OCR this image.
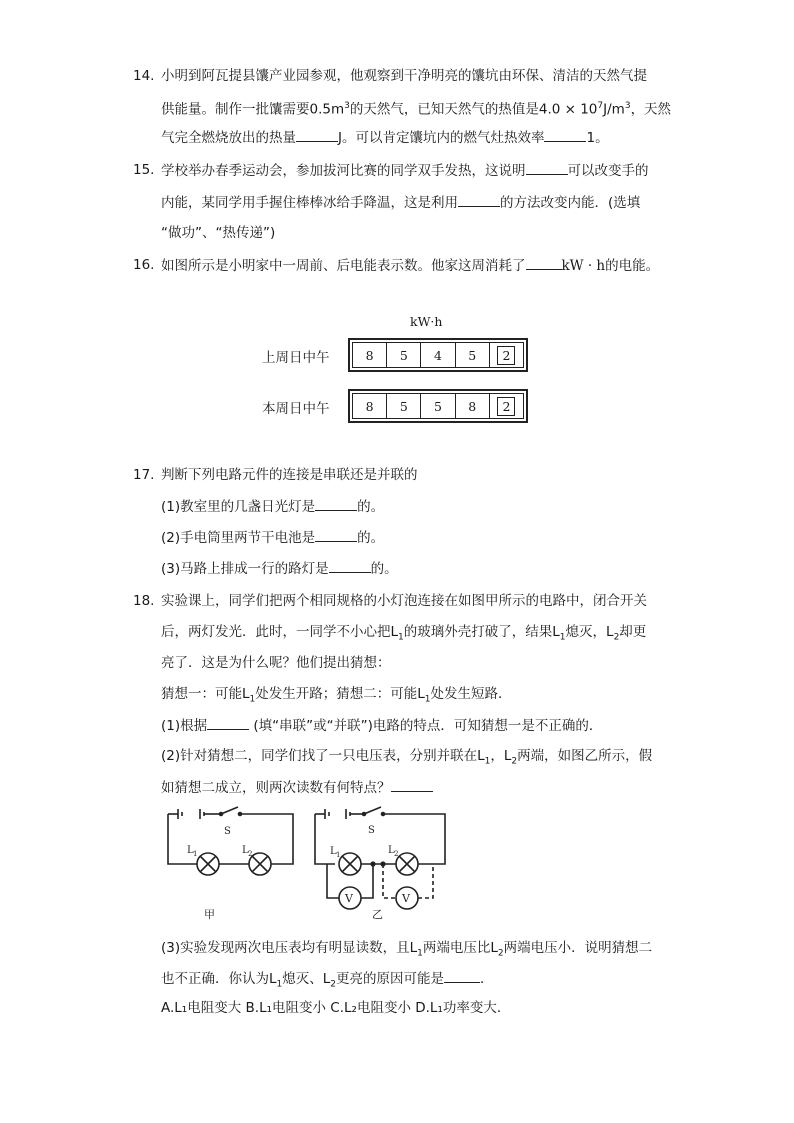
14. 小明到阿瓦提县馕产业园参观，他观察到干净明亮的馕坑由环保、清洁的天然气提
供能量。制作一批馕需要$0.5m^3$的天然气，已知天然气的热值是$4.0 \times 10^7J/m^3$，天然
气完全燃烧放出的热量	J。可以肯定馕坑内的燃气灶热效率	1。
15. 学校举办春季运动会，参加拔河比赛的同学双手发热，这说明	可以改变手的
内能，某同学用手握住棒棒冰给手降温，这是利用	的方法改变内能．(选填
“做功”、“热传递”)
16. 如图所示是小明家中一周前、后电能表示数。他家这周消耗了	kW · h的电能。
kW·h
上周日中午	8	5	4	5	2
本周日中午	8	5	5	8	2
17. 判断下列电路元件的连接是串联还是并联的
(1)教室里的几盏日光灯是	的。
(2)手电筒里两节干电池是	的。
(3)马路上排成一行的路灯是	的。
18. 实验课上，同学们把两个相同规格的小灯泡连接在如图甲所示的电路中，闭合开关
后，两灯发光．此时，一同学不小心把$L_1$的玻璃外壳打破了，结果$L_1$熄灭，$L_2$却更
亮了．这是为什么呢？他们提出猜想：
猜想一：可能$L_1$处发生开路；猜想二：可能$L_1$处发生短路．
(1)根据	(填“串联”或“并联”)电路的特点．可知猜想一是不正确的．
(2)针对猜想二，同学们找了一只电压表，分别并联在$L_1$，$L_2$两端，如图乙所示，假
如猜想二成立，则两次读数有何特点？
S
L 1	L 2
S
L 1	L 2
V	V
甲	乙
(3)实验发现两次电压表均有明显读数，且$L_1$两端电压比$L_2$两端电压小．说明猜想二
也不正确．你认为$L_1$熄灭、$L_2$更亮的原因可能是	．
A.L₁电阻变大 B.L₁电阻变小 C.L₂电阻变小 D.L₁功率变大．
